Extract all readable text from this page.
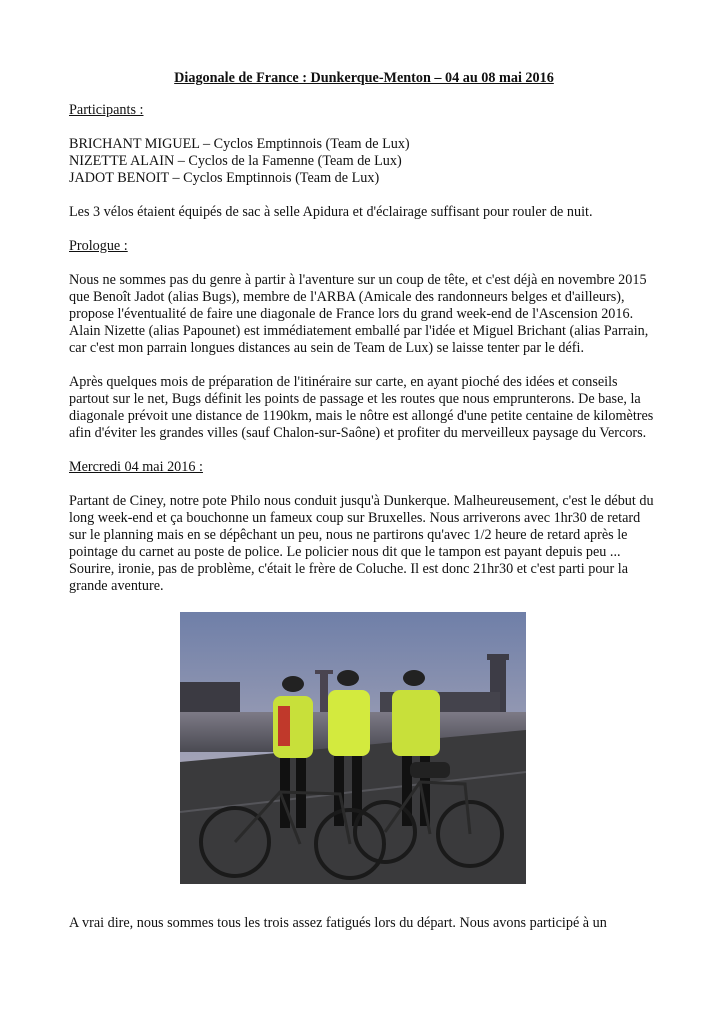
Diagonale de France : Dunkerque-Menton – 04 au 08 mai 2016
Participants :

BRICHANT MIGUEL – Cyclos Emptinnois (Team de Lux)

NIZETTE ALAIN – Cyclos de la Famenne (Team de Lux)

JADOT BENOIT – Cyclos Emptinnois (Team de Lux)

Les 3 vélos étaient équipés de sac à selle Apidura et d'éclairage suffisant pour rouler de nuit.

Prologue :

Nous ne sommes pas du genre à partir à l'aventure sur un coup de tête, et c'est déjà en novembre 2015 que Benoît Jadot (alias Bugs), membre de l'ARBA (Amicale des randonneurs belges et d'ailleurs), propose l'éventualité de faire une diagonale de France lors du grand week-end de l'Ascension 2016.

Alain Nizette (alias Papounet) est immédiatement emballé par l'idée et Miguel Brichant (alias Parrain, car c'est mon parrain longues distances au sein de Team de Lux) se laisse tenter par le défi.

Après quelques mois de préparation de l'itinéraire sur carte, en ayant pioché des idées et conseils partout sur le net, Bugs définit les points de passage et les routes que nous emprunterons. De base, la diagonale prévoit une distance de 1190km, mais le nôtre est allongé d'une petite centaine de kilomètres afin d'éviter les grandes villes (sauf Chalon-sur-Saône) et profiter du merveilleux paysage du Vercors.

Mercredi 04 mai 2016 :

Partant de Ciney, notre pote Philo nous conduit jusqu'à Dunkerque. Malheureusement, c'est le début du long week-end et ça bouchonne un fameux coup sur Bruxelles. Nous arriverons avec 1hr30 de retard sur le planning mais en se dépêchant un peu, nous ne partirons qu'avec 1/2 heure de retard après le pointage du carnet au poste de police. Le policier nous dit que le tampon est payant depuis peu ... Sourire, ironie, pas de problème, c'était le frère de Coluche. Il est donc 21hr30 et c'est parti pour la grande aventure.

A vrai dire, nous sommes tous les trois assez fatigués lors du départ. Nous avons participé à un
